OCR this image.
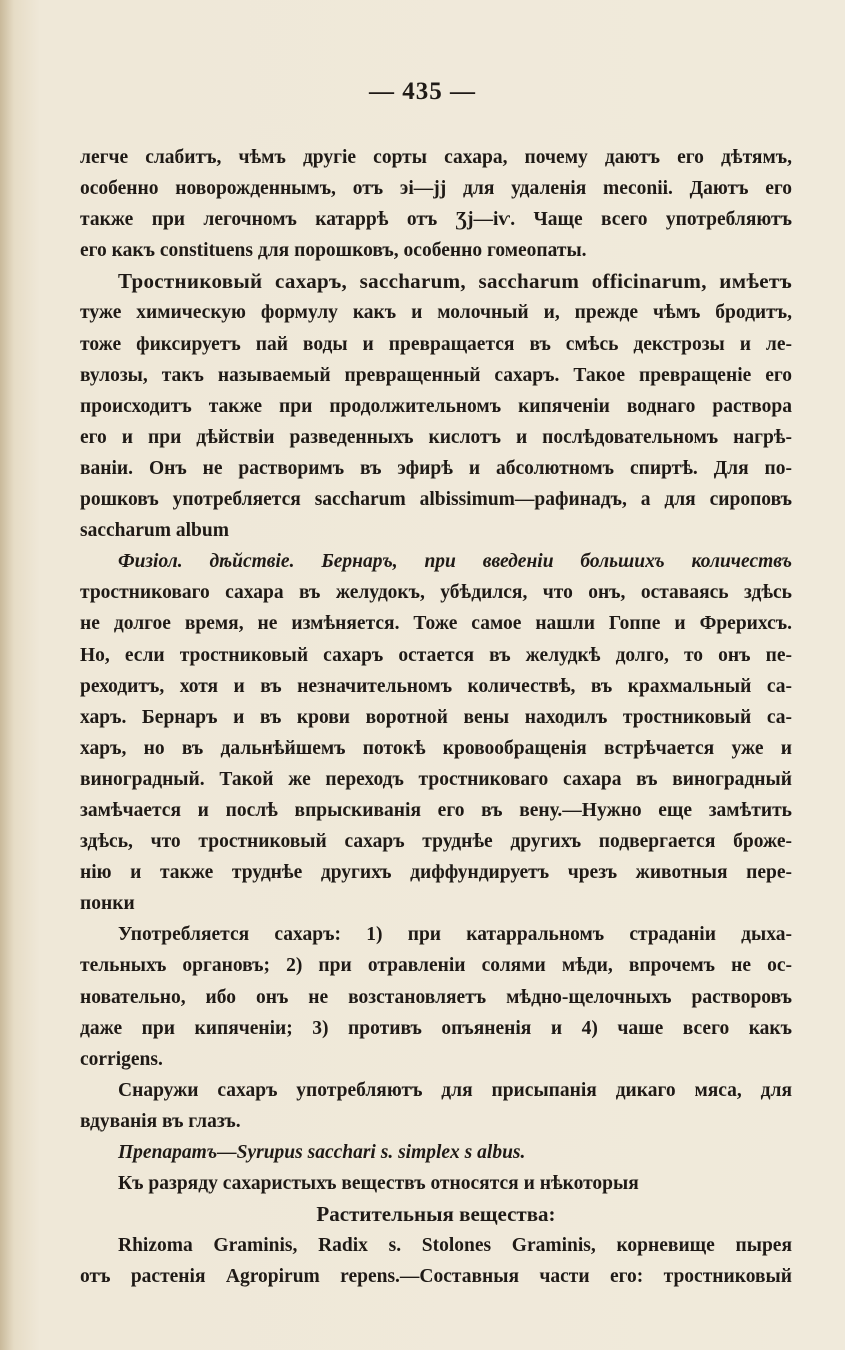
— 435 —
легче слабитъ, чѣмъ другіе сорты сахара, почему даютъ его дѣтямъ,
особенно новорожденнымъ, отъ эі—јј для удаленія meconii. Даютъ его
также при легочномъ катаррѣ отъ Ʒј—іѵ. Чаще всего употребляютъ
его какъ constituens для порошковъ, особенно гомеопаты.
Тростниковый сахаръ, saccharum, saccharum officinarum, имѣетъ
туже химическую формулу какъ и молочный и, прежде чѣмъ бродитъ,
тоже фиксируетъ пай воды и превращается въ смѣсь декстрозы и ле-
вулозы, такъ называемый превращенный сахаръ. Такое превращеніе его
происходитъ также при продолжительномъ кипяченіи воднаго раствора
его и при дѣйствіи разведенныхъ кислотъ и послѣдовательномъ нагрѣ-
ваніи. Онъ не растворимъ въ эфирѣ и абсолютномъ спиртѣ. Для по-
рошковъ употребляется saccharum albissimum—рафинадъ, а для сироповъ
saccharum album
Физіол. дѣйствіе. Бернаръ, при введеніи большихъ количествъ
тростниковаго сахара въ желудокъ, убѣдился, что онъ, оставаясь здѣсь
не долгое время, не измѣняется. Тоже самое нашли Гоппе и Фрерихсъ.
Но, если тростниковый сахаръ остается въ желудкѣ долго, то онъ пе-
реходитъ, хотя и въ незначительномъ количествѣ, въ крахмальный са-
харъ. Бернаръ и въ крови воротной вены находилъ тростниковый са-
харъ, но въ дальнѣйшемъ потокѣ кровообращенія встрѣчается уже и
виноградный. Такой же переходъ тростниковаго сахара въ виноградный
замѣчается и послѣ впрыскиванія его въ вену.—Нужно еще замѣтить
здѣсь, что тростниковый сахаръ труднѣе другихъ подвергается броже-
нію и также труднѣе другихъ диффундируетъ чрезъ животныя пере-
понки
Употребляется сахаръ: 1) при катарральномъ страданіи дыха-
тельныхъ органовъ; 2) при отравленіи солями мѣди, впрочемъ не ос-
новательно, ибо онъ не возстановляетъ мѣдно-щелочныхъ растворовъ
даже при кипяченіи; 3) противъ опъяненія и 4) чаше всего какъ
corrigens.
Снаружи сахаръ употребляютъ для присыпанія дикаго мяса, для
вдуванія въ глазъ.
Препаратъ—Syrupus sacchari s. simplex s albus.
Къ разряду сахаристыхъ веществъ относятся и нѣкоторыя
Растительныя вещества:
Rhizoma Graminis, Radix s. Stolones Graminis, корневище пырея
отъ растенія Agropirum repens.—Составныя части его: тростниковый
